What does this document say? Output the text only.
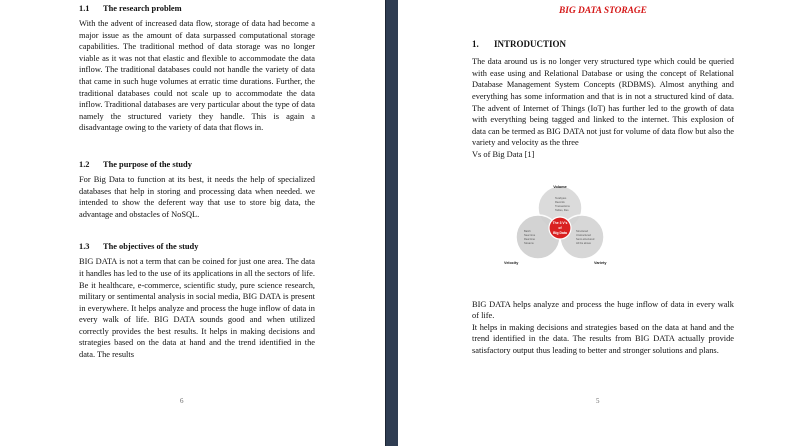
1.1 The research problem

With the advent of increased data flow, storage of data had become a major issue as the amount of data surpassed computational storage capabilities. The traditional method of data storage was no longer viable as it was not that elastic and flexible to accommodate the data inflow. The traditional databases could not handle the variety of data that came in such huge volumes at erratic time durations. Further, the traditional databases could not scale up to accommodate the data inflow. Traditional databases are very particular about the type of data namely the structured variety they handle. This is again a disadvantage owing to the variety of data that flows in.

1.2 The purpose of the study

For Big Data to function at its best, it needs the help of specialized databases that help in storing and processing data when needed. we intended to show the deferent way that use to store big data, the advantage and obstacles of NoSQL.

1.3 The objectives of the study

BIG DATA is not a term that can be coined for just one area. The data it handles has led to the use of its applications in all the sectors of life. Be it healthcare, e-commerce, scientific study, pure science research, military or sentimental analysis in social media, BIG DATA is present in everywhere. It helps analyze and process the huge inflow of data in every walk of life. BIG DATA sounds good and when utilized correctly provides the best results. It helps in making decisions and strategies based on the data at hand and the trend identified in the data. The results

6

BIG DATA STORAGE

1. INTRODUCTION

The data around us is no longer very structured type which could be queried with ease using and Relational Database or using the concept of Relational Database Management System Concepts (RDBMS). Almost anything and everything has some information and that is in not a structured kind of data. The advent of Internet of Things (IoT) has further led to the growth of data with everything being tagged and linked to the internet. This explosion of data can be termed as BIG DATA not just for volume of data flow but also the variety and velocity as the three

Vs of Big Data [1]

The 3 V's
of
Big Data
Volume
Terabytes
Records
Transactions
Tables, files
Velocity
Batch
Near time
Real time
Streams
Variety
Structured
Unstructured
Semi-structured
All the above

BIG DATA helps analyze and process the huge inflow of data in every walk of life.

It helps in making decisions and strategies based on the data at hand and the trend identified in the data. The results from BIG DATA actually provide satisfactory output thus leading to better and stronger solutions and plans.

5
